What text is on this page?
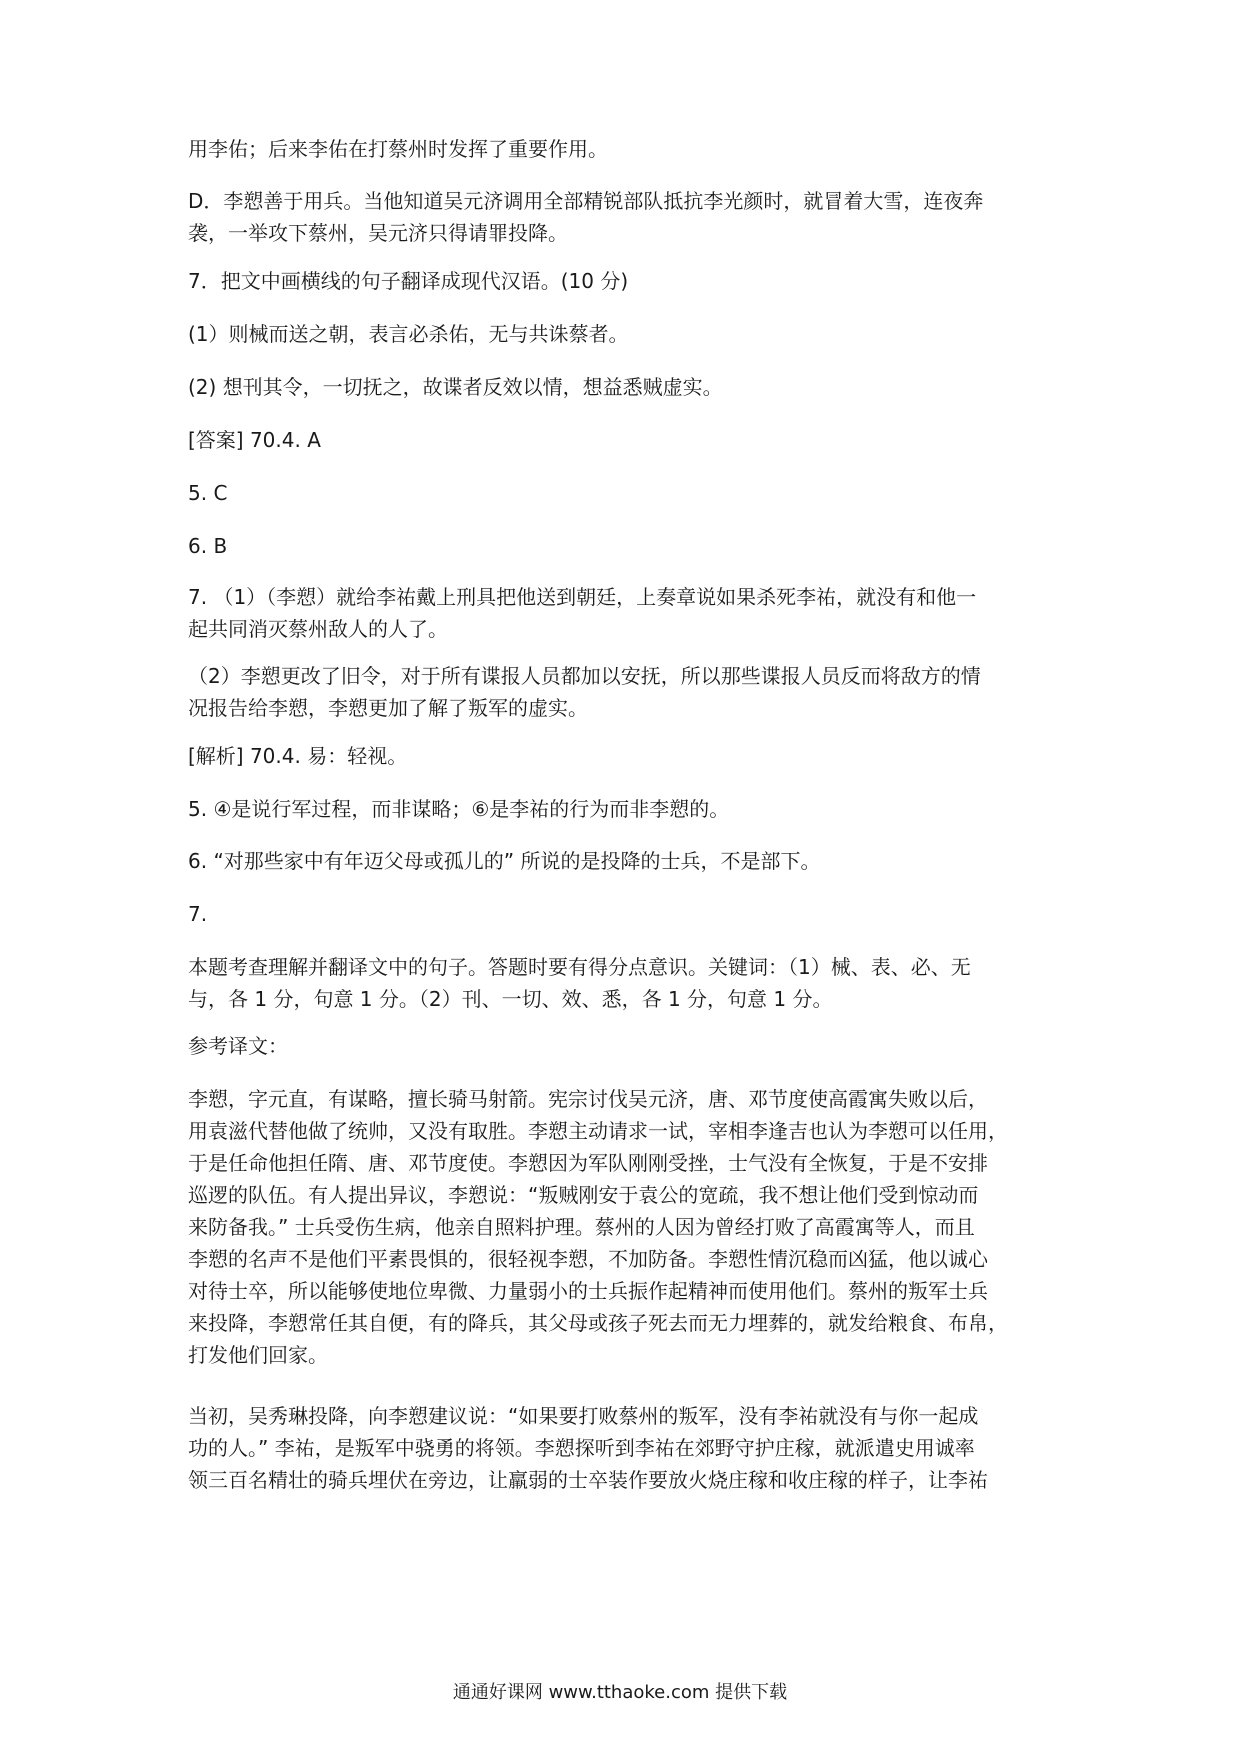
用李佑；后来李佑在打蔡州时发挥了重要作用。

D．李愬善于用兵。当他知道吴元济调用全部精锐部队抵抗李光颜时，就冒着大雪，连夜奔
袭，一举攻下蔡州，吴元济只得请罪投降。

7．把文中画横线的句子翻译成现代汉语。(10 分)

(1）则械而送之朝，表言必杀佑，无与共诛蔡者。

(2) 想刊其令，一切抚之，故谍者反效以情，想益悉贼虚实。

[答案] 70.4. A

5. C

6. B

7. （1）（李愬）就给李祐戴上刑具把他送到朝廷，上奏章说如果杀死李祐，就没有和他一
起共同消灭蔡州敌人的人了。

（2）李愬更改了旧令，对于所有谍报人员都加以安抚，所以那些谍报人员反而将敌方的情
况报告给李愬，李愬更加了解了叛军的虚实。

[解析] 70.4. 易：轻视。

5. ④是说行军过程，而非谋略；⑥是李祐的行为而非李愬的。

6. “对那些家中有年迈父母或孤儿的” 所说的是投降的士兵，不是部下。

7.

本题考查理解并翻译文中的句子。答题时要有得分点意识。关键词：（1）械、表、必、无
与，各 1 分，句意 1 分。（2）刊、一切、效、悉，各 1 分，句意 1 分。

参考译文：

李愬，字元直，有谋略，擅长骑马射箭。宪宗讨伐吴元济，唐、邓节度使高霞寓失败以后，
用袁滋代替他做了统帅，又没有取胜。李愬主动请求一试，宰相李逢吉也认为李愬可以任用，
于是任命他担任隋、唐、邓节度使。李愬因为军队刚刚受挫，士气没有全恢复，于是不安排
巡逻的队伍。有人提出异议，李愬说：“叛贼刚安于袁公的宽疏，我不想让他们受到惊动而
来防备我。” 士兵受伤生病，他亲自照料护理。蔡州的人因为曾经打败了高霞寓等人，而且
李愬的名声不是他们平素畏惧的，很轻视李愬，不加防备。李愬性情沉稳而凶猛，他以诚心
对待士卒，所以能够使地位卑微、力量弱小的士兵振作起精神而使用他们。蔡州的叛军士兵
来投降，李愬常任其自便，有的降兵，其父母或孩子死去而无力埋葬的，就发给粮食、布帛，
打发他们回家。

当初，吴秀琳投降，向李愬建议说：“如果要打败蔡州的叛军，没有李祐就没有与你一起成
功的人。” 李祐，是叛军中骁勇的将领。李愬探听到李祐在郊野守护庄稼，就派遣史用诚率
领三百名精壮的骑兵埋伏在旁边，让羸弱的士卒装作要放火烧庄稼和收庄稼的样子，让李祐

通通好课网 www.tthaoke.com 提供下载
